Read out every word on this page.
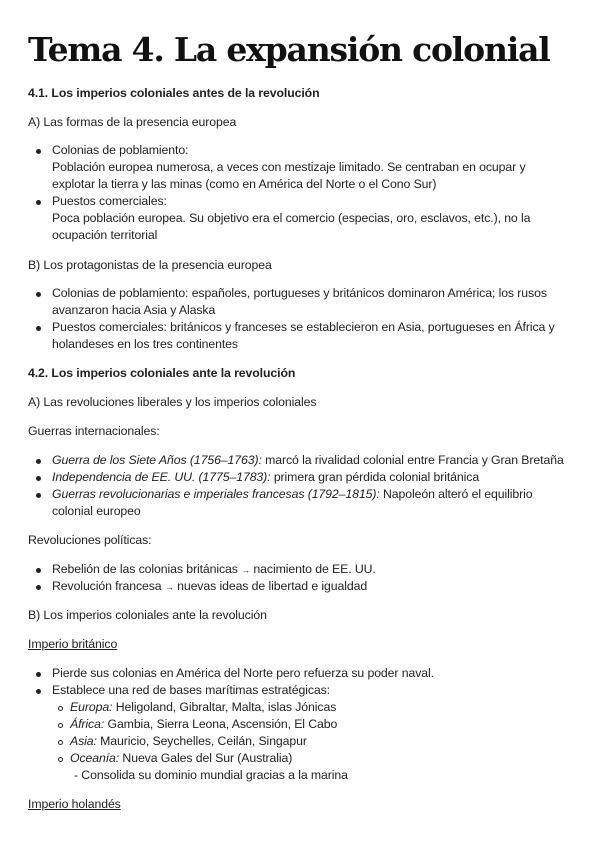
Tema 4. La expansión colonial
4.1. Los imperios coloniales antes de la revolución
A) Las formas de la presencia europea
Colonias de poblamiento:
Población europea numerosa, a veces con mestizaje limitado. Se centraban en ocupar y
explotar la tierra y las minas (como en América del Norte o el Cono Sur)
Puestos comerciales:
Poca población europea. Su objetivo era el comercio (especias, oro, esclavos, etc.), no la
ocupación territorial
B) Los protagonistas de la presencia europea
Colonias de poblamiento: españoles, portugueses y británicos dominaron América; los rusos
avanzaron hacia Asia y Alaska
Puestos comerciales: británicos y franceses se establecieron en Asia, portugueses en África y
holandeses en los tres continentes
4.2. Los imperios coloniales ante la revolución
A) Las revoluciones liberales y los imperios coloniales
Guerras internacionales:
Guerra de los Siete Años (1756–1763): marcó la rivalidad colonial entre Francia y Gran Bretaña
Independencia de EE. UU. (1775–1783): primera gran pérdida colonial británica
Guerras revolucionarias e imperiales francesas (1792–1815): Napoleón alteró el equilibrio
colonial europeo
Revoluciones políticas:
Rebelión de las colonias británicas → nacimiento de EE. UU.
Revolución francesa → nuevas ideas de libertad e igualdad
B) Los imperios coloniales ante la revolución
Imperio británico
Pierde sus colonias en América del Norte pero refuerza su poder naval.
Establece una red de bases marítimas estratégicas:
Europa: Heligoland, Gibraltar, Malta, islas Jónicas
África: Gambia, Sierra Leona, Ascensión, El Cabo
Asia: Mauricio, Seychelles, Ceilán, Singapur
Oceanía: Nueva Gales del Sur (Australia)
- Consolida su dominio mundial gracias a la marina
Imperio holandés
